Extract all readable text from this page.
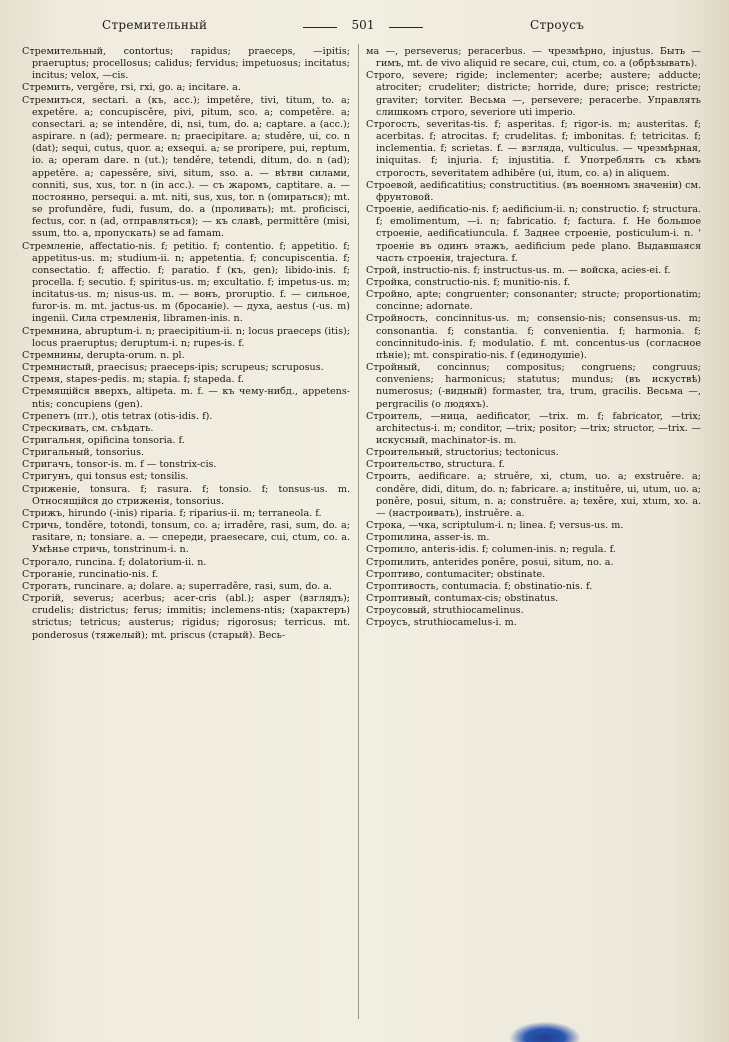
Стремительный	501	Строусъ
Стремительный, contortus; rapidus; praeceps, —ipitis; praeruptus; procellosus; calidus; fervidus; impetuosus; incitatus; incitus; velox, —cis.
Стремить, vergěre, rsi, rxi, go. a; incitare. a.
Стремиться, sectari. a (къ, acc.); impetěre, tivi, titum, to. a; expetěre. a; concupiscěre, pivi, pitum, sco. a; competěre. a; consectari. a; se intenděre, di, nsi, tum, do. a; captare. a (acc.); aspirare. n (ad); permeare. n; praecipitare. a; studěre, ui, co. n (dat); sequi, cutus, quor. a; exsequi. a; se proripere, pui, reptum, io. a; operam dare. n (ut.); tenděre, tetendi, ditum, do. n (ad); appetěre. a; capessěre, sivi, situm, sso. a. — вѣтви силами, conniti, sus, xus, tor. n (in acc.). — съ жаромъ, captitare. a. — постоянно, persequi. a. mt. niti, sus, xus, tor. n (опираться); mt. se profunděre, fudi, fusum, do. a (проливать); mt. proficisci, fectus, cor. n (ad, отправляться); — къ славѣ, permittěre (misi, ssum, tto. a, пропускать) se ad famam.
Стремленіе, affectatio-nis. f; petitio. f; contentio. f; appetitio. f; appetitus-us. m; studium-ii. n; appetentia. f; concupiscentia. f; consectatio. f; affectio. f; paratio. f (къ, gen); libido-inis. f; procella. f; secutio. f; spiritus-us. m; excultatio. f; impetus-us. m; incitatus-us. m; nisus-us. m. — вонъ, proruptio. f. — сильное, furor-is. m. mt. jactus-us. m (бросаніе). — духа, aestus (-us. m) ingenii. Сила стремленія, libramen-inis. n.
Стремнина, abruptum-i. n; praecipitium-ii. n; locus praeceps (itis); locus praeruptus; deruptum-i. n; rupes-is. f.
Стремнины, derupta-orum. n. pl.
Стремнистый, praecisus; praeceps-ipis; scrupeus; scruposus.
Стремя, stapes-pedis. m; stapia. f; stapeda. f.
Стремящійся вверхъ, altipeta. m. f. — къ чему-нибд., appetens-ntis; concupiens (gen).
Стрепетъ (пт.), otis tetrax (otis-idis. f).
Стрескивать, см. съѣдать.
Стригальня, opificina tonsoria. f.
Стригальный, tonsorius.
Стригачъ, tonsor-is. m. f — tonstrix-cis.
Стригунъ, qui tonsus est; tonsilis.
Стриженіе, tonsura. f; rasura. f; tonsio. f; tonsus-us. m. Относящійся до стриженія, tonsorius.
Стрижъ, hirundo (-inis) riparia. f; riparius-ii. m; terraneola. f.
Стричь, tonděre, totondi, tonsum, co. a; irraděre, rasi, sum, do. a; rasitare, n; tonsiare. a. — спереди, praesecare, cui, ctum, co. a. Умѣнье стричь, tonstrinum-i. n.
Строгало, runcina. f; dolatorium-ii. n.
Строганіе, runcinatio-nis. f.
Строгать, runcinare. a; dolare. a; superraděre, rasi, sum, do. a.
Строгій, severus; acerbus; acer-cris (abl.); asper (взглядъ); crudelis; districtus; ferus; immitis; inclemens-ntis; (характеръ) strictus; tetricus; austerus; rigidus; rigorosus; terricus. mt. ponderosus (тяжелый); mt. priscus (старый). Весь-
ма —, perseverus; peracerbus. — чрезмѣрно, injustus. Быть —гимъ, mt. de vivo aliquid re secare, cui, ctum, co. a (обрѣзывать).
Строго, severe; rigide; inclementer; acerbe; austere; adducte; atrociter; crudeliter; districte; horride, dure; prisce; restricte; graviter; torviter. Весьма —, persevere; peracerbe. Управлять слишкомъ строго, severiore uti imperio.
Строгость, severitas-tis. f; asperitas. f; rigor-is. m; austeritas. f; acerbitas. f; atrocitas. f; crudelitas. f; imbonitas. f; tetricitas. f; inclementia. f; scrietas. f. — взгляда, vulticulus. — чрезмѣрная, iniquitas. f; injuria. f; injustitia. f. Употреблять съ кѣмъ строгость, severitatem adhiběre (ui, itum, co. a) in aliquem.
Строевой, aedificatitius; constructitius. (въ военномъ значеніи) см. фрунтовой.
Строеніе, aedificatio-nis. f; aedificium-ii. n; constructio. f; structura. f; emolimentum, —i. n; fabricatio. f; factura. f. Не большое строеніе, aedificatiuncula. f. Заднее строеніе, posticulum-i. n. ' троеніе въ одинъ этажъ, aedificium pede plano. Выдавшаяся часть строенія, trajectura. f.
Строй, instructio-nis. f; instructus-us. m. — войска, acies-ei. f.
Стройка, constructio-nis. f; munitio-nis. f.
Стройно, apte; congruenter; consonanter; structe; proportionatim; concinne; adornate.
Стройность, concinnitus-us. m; consensio-nis; consensus-us. m; consonantia. f; constantia. f; convenientia. f; harmonia. f; concinnitudo-inis. f; modulatio. f. mt. concentus-us (согласное пѣніе); mt. conspiratio-nis. f (единодушіе).
Стройный, concinnus; compositus; congruens; congruus; conveniens; harmonicus; statutus; mundus; (въ искуствѣ) numerosus; (-видный) formaster, tra, trum, gracilis. Весьма —, pergracilis (о людяхъ).
Строитель, —ница, aedificator, —trix. m. f; fabricator, —trix; architectus-i. m; conditor, —trix; positor; —trix; structor, —trix. — искусный, machinator-is. m.
Строительный, structorius; tectonicus.
Строительство, structura. f.
Строить, aedificare. a; struěre, xi, ctum, uo. a; exstruěre. a; conděre, didi, ditum, do. n; fabricare. a; instituěre, ui, utum, uo. a; poněre, posui, situm, n. a; construěre. a; texěre, xui, xtum, xo. a. — (настроивать), instruěre. a.
Строка, —чка, scriptulum-i. n; linea. f; versus-us. m.
Стропилина, asser-is. m.
Стропило, anteris-idis. f; columen-inis. n; regula. f.
Стропилить, anterides poněre, posui, situm, no. a.
Строптиво, contumaciter; obstinate.
Строптивость, contumacia. f; obstinatio-nis. f.
Строптивый, contumax-cis; obstinatus.
Строусовый, struthiocamelinus.
Строусъ, struthiocamelus-i. m.
